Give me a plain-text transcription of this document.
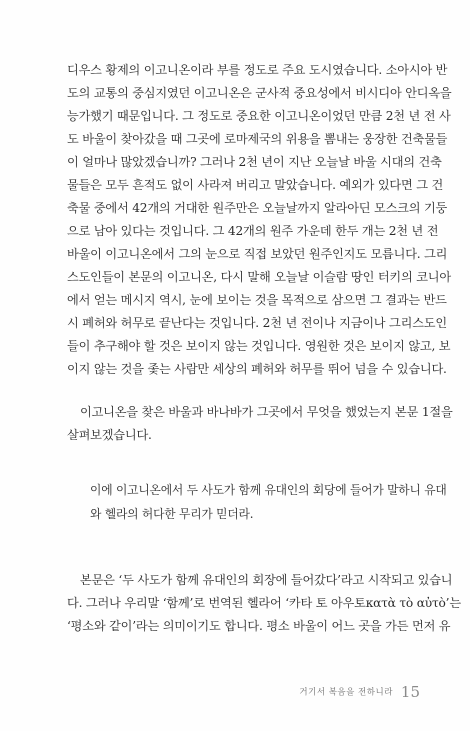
디우스 황제의 이고니온이라 부를 정도로 주요 도시였습니다. 소아시아 반
도의 교통의 중심지였던 이고니온은 군사적 중요성에서 비시디아 안디옥을
능가했기 때문입니다. 그 정도로 중요한 이고니온이었던 만큼 2천 년 전 사
도 바울이 찾아갔을 때 그곳에 로마제국의 위용을 뽐내는 웅장한 건축물들
이 얼마나 많았겠습니까? 그러나 2천 년이 지난 오늘날 바울 시대의 건축
물들은 모두 흔적도 없이 사라져 버리고 말았습니다. 예외가 있다면 그 건
축물 중에서 42개의 거대한 원주만은 오늘날까지 알라아딘 모스크의 기둥
으로 남아 있다는 것입니다. 그 42개의 원주 가운데 한두 개는 2천 년 전
바울이 이고니온에서 그의 눈으로 직접 보았던 원주인지도 모릅니다. 그리
스도인들이 본문의 이고니온, 다시 말해 오늘날 이슬람 땅인 터키의 코니아
에서 얻는 메시지 역시, 눈에 보이는 것을 목적으로 삼으면 그 결과는 반드
시 폐허와 허무로 끝난다는 것입니다. 2천 년 전이나 지금이나 그리스도인
들이 추구해야 할 것은 보이지 않는 것입니다. 영원한 것은 보이지 않고, 보
이지 않는 것을 좇는 사람만 세상의 폐허와 허무를 뛰어 넘을 수 있습니다.
이고니온을 찾은 바울과 바나바가 그곳에서 무엇을 했었는지 본문 1절을
살펴보겠습니다.
이에 이고니온에서 두 사도가 함께 유대인의 회당에 들어가 말하니 유대
와 헬라의 허다한 무리가 믿더라.
본문은 ‘두 사도가 함께 유대인의 회장에 들어갔다’라고 시작되고 있습니
다. 그러나 우리말 ‘함께’로 번역된 헬라어 ‘카타 토 아우토κατὰ τὸ αὐτὸ’는
‘평소와 같이’라는 의미이기도 합니다. 평소 바울이 어느 곳을 가든 먼저 유
거기서 복음을 전하니라 15
